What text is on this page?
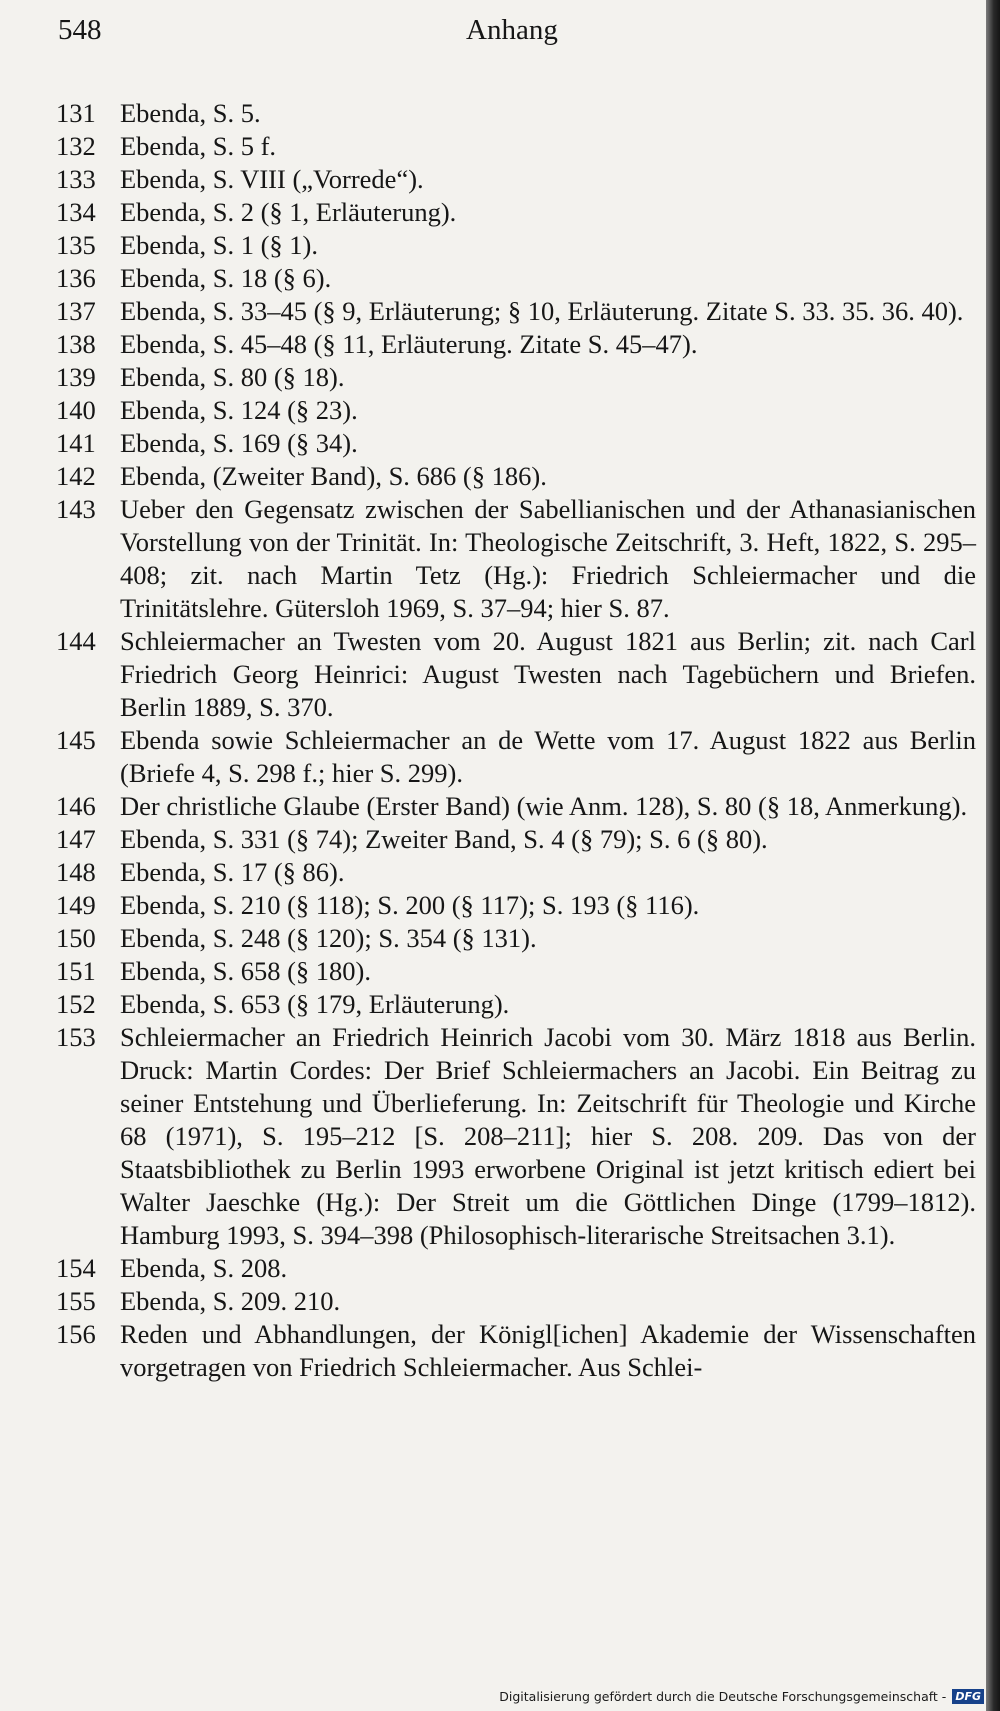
548	Anhang
131 Ebenda, S. 5.
132 Ebenda, S. 5 f.
133 Ebenda, S. VIII („Vorrede“).
134 Ebenda, S. 2 (§ 1, Erläuterung).
135 Ebenda, S. 1 (§ 1).
136 Ebenda, S. 18 (§ 6).
137 Ebenda, S. 33–45 (§ 9, Erläuterung; § 10, Erläuterung. Zitate S. 33. 35. 36. 40).
138 Ebenda, S. 45–48 (§ 11, Erläuterung. Zitate S. 45–47).
139 Ebenda, S. 80 (§ 18).
140 Ebenda, S. 124 (§ 23).
141 Ebenda, S. 169 (§ 34).
142 Ebenda, (Zweiter Band), S. 686 (§ 186).
143 Ueber den Gegensatz zwischen der Sabellianischen und der Athanasianischen Vorstellung von der Trinität. In: Theologische Zeitschrift, 3. Heft, 1822, S. 295–408; zit. nach Martin Tetz (Hg.): Friedrich Schleiermacher und die Trinitätslehre. Gütersloh 1969, S. 37–94; hier S. 87.
144 Schleiermacher an Twesten vom 20. August 1821 aus Berlin; zit. nach Carl Friedrich Georg Heinrici: August Twesten nach Tagebüchern und Briefen. Berlin 1889, S. 370.
145 Ebenda sowie Schleiermacher an de Wette vom 17. August 1822 aus Berlin (Briefe 4, S. 298 f.; hier S. 299).
146 Der christliche Glaube (Erster Band) (wie Anm. 128), S. 80 (§ 18, Anmerkung).
147 Ebenda, S. 331 (§ 74); Zweiter Band, S. 4 (§ 79); S. 6 (§ 80).
148 Ebenda, S. 17 (§ 86).
149 Ebenda, S. 210 (§ 118); S. 200 (§ 117); S. 193 (§ 116).
150 Ebenda, S. 248 (§ 120); S. 354 (§ 131).
151 Ebenda, S. 658 (§ 180).
152 Ebenda, S. 653 (§ 179, Erläuterung).
153 Schleiermacher an Friedrich Heinrich Jacobi vom 30. März 1818 aus Berlin. Druck: Martin Cordes: Der Brief Schleiermachers an Jacobi. Ein Beitrag zu seiner Entstehung und Überlieferung. In: Zeitschrift für Theologie und Kirche 68 (1971), S. 195–212 [S. 208–211]; hier S. 208. 209. Das von der Staatsbibliothek zu Berlin 1993 erworbene Original ist jetzt kritisch ediert bei Walter Jaeschke (Hg.): Der Streit um die Göttlichen Dinge (1799–1812). Hamburg 1993, S. 394–398 (Philosophisch-literarische Streitsachen 3.1).
154 Ebenda, S. 208.
155 Ebenda, S. 209. 210.
156 Reden und Abhandlungen, der Königl[ichen] Akademie der Wissenschaften vorgetragen von Friedrich Schleiermacher. Aus Schlei-
Digitalisierung gefördert durch die Deutsche Forschungsgemeinschaft - DFG
